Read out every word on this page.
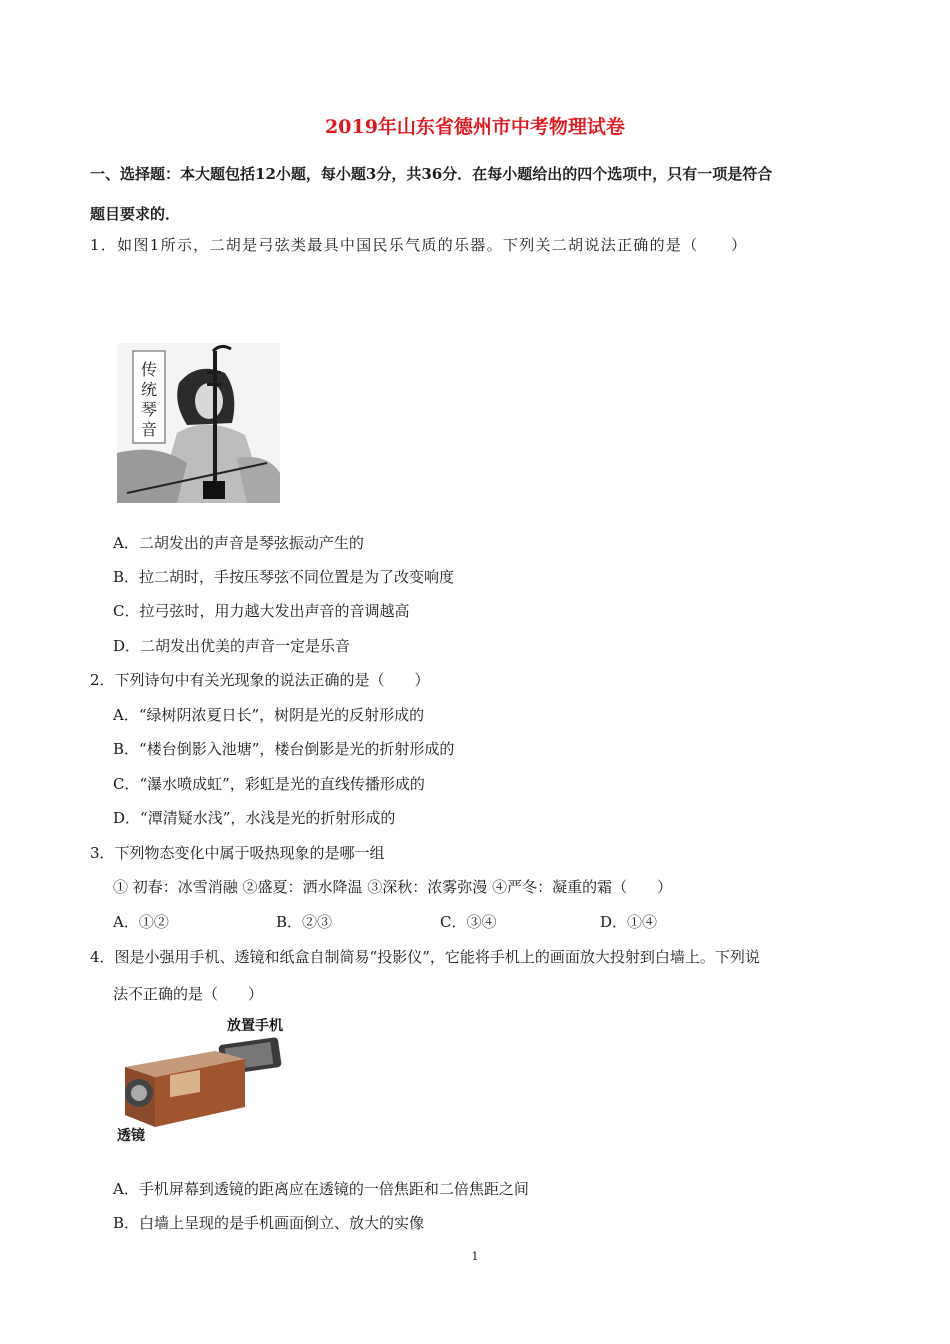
2019年山东省德州市中考物理试卷
一、选择题：本大题包括12小题，每小题3分，共36分．在每小题给出的四个选项中，只有一项是符合
题目要求的．
1．如图1所示，二胡是弓弦类最具中国民乐气质的乐器。下列关二胡说法正确的是（　　）
传
统
琴
音
A．二胡发出的声音是琴弦振动产生的
B．拉二胡时，手按压琴弦不同位置是为了改变响度
C．拉弓弦时，用力越大发出声音的音调越高
D．二胡发出优美的声音一定是乐音
2．下列诗句中有关光现象的说法正确的是（　　）
A．“绿树阴浓夏日长”，树阴是光的反射形成的
B．“楼台倒影入池塘”，楼台倒影是光的折射形成的
C．“瀑水喷成虹”，彩虹是光的直线传播形成的
D．“潭清疑水浅”，水浅是光的折射形成的
3．下列物态变化中属于吸热现象的是哪一组
① 初春：冰雪消融 ②盛夏：洒水降温 ③深秋：浓雾弥漫 ④严冬：凝重的霜（　　）
A．①②	B．②③	C．③④	D．①④
4．图是小强用手机、透镜和纸盒自制简易“投影仪”，它能将手机上的画面放大投射到白墙上。下列说
法不正确的是（　　）
放置手机
透镜
A．手机屏幕到透镜的距离应在透镜的一倍焦距和二倍焦距之间
B．白墙上呈现的是手机画面倒立、放大的实像
1
